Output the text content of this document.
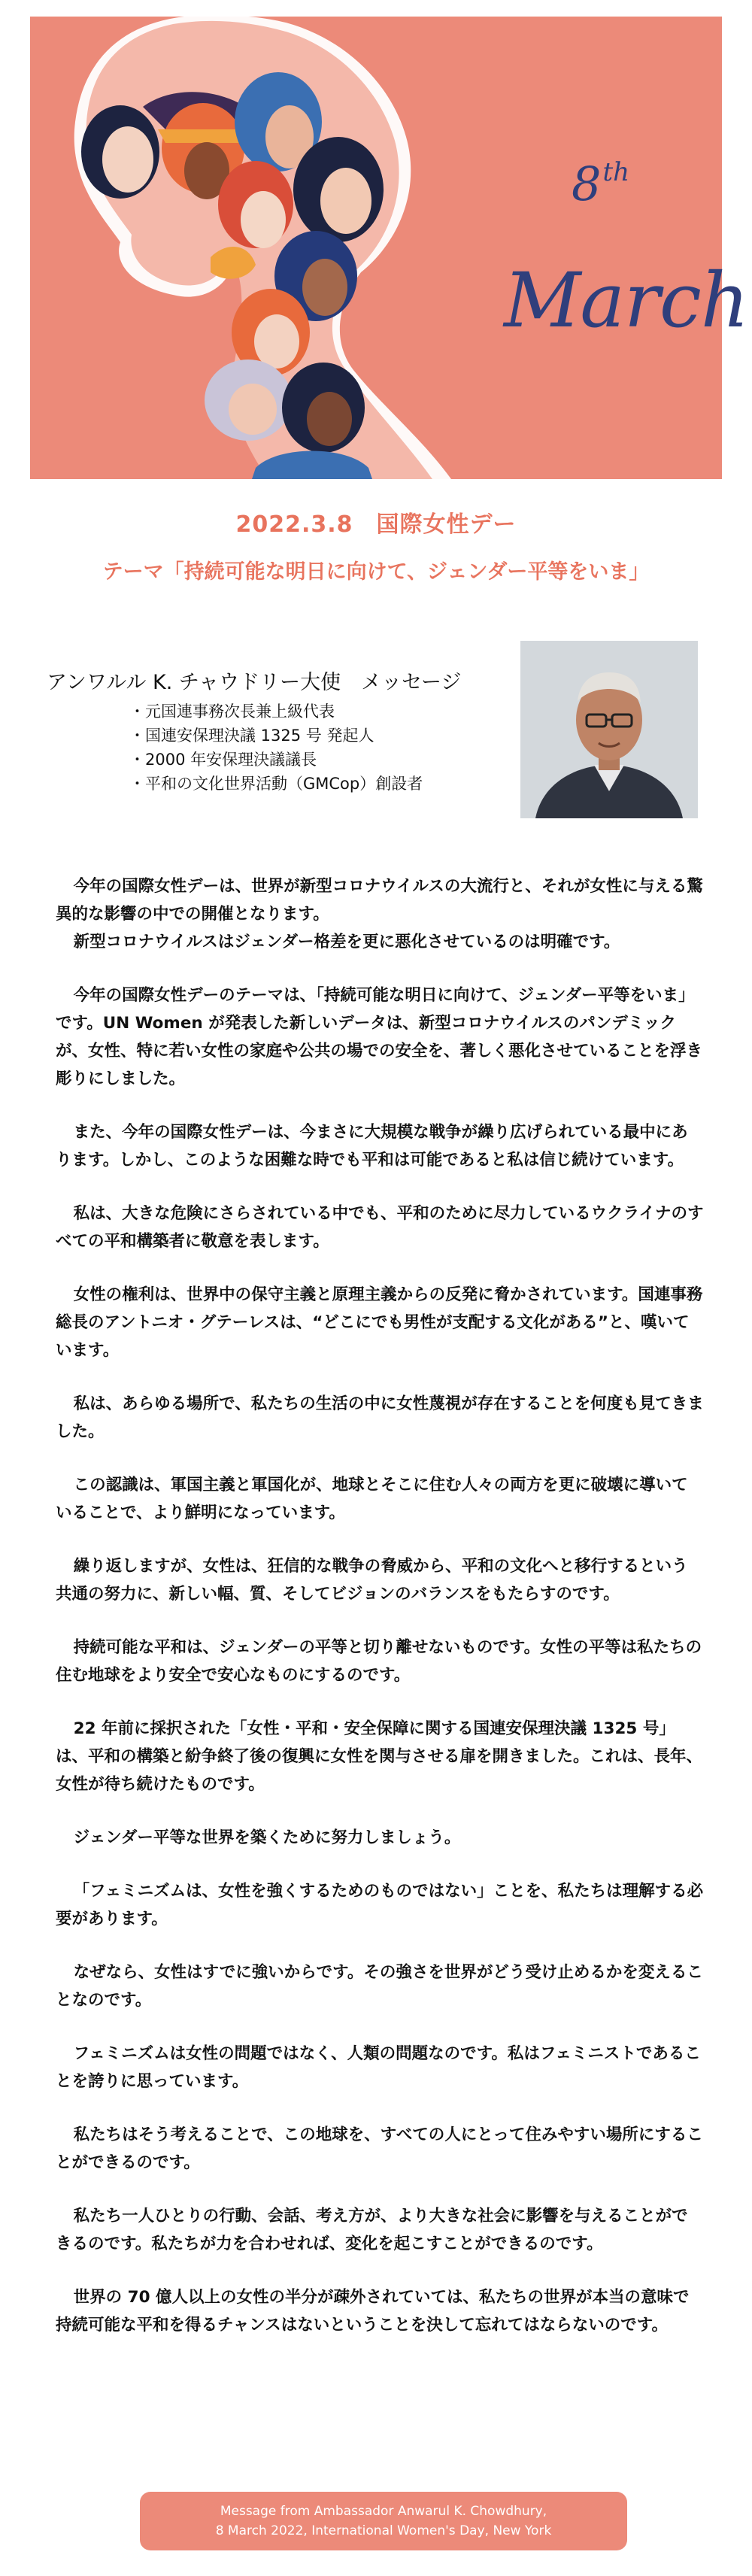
8th
March
2022.3.8　国際女性デー
テーマ「持続可能な明日に向けて、ジェンダー平等をいま」
アンワルル K. チャウドリー大使　メッセージ
・ 元国連事務次長兼上級代表
・ 国連安保理決議 1325 号 発起人
・ 2000 年安保理決議議長
・ 平和の文化世界活動（GMCop）創設者

今年の国際女性デーは、世界が新型コロナウイルスの大流行と、それが女性に与える驚異的な影響の中での開催となります。

新型コロナウイルスはジェンダー格差を更に悪化させているのは明確です。

今年の国際女性デーのテーマは、「持続可能な明日に向けて、ジェンダー平等をいま」です。UN Women が発表した新しいデータは、新型コロナウイルスのパンデミックが、女性、特に若い女性の家庭や公共の場での安全を、著しく悪化させていることを浮き彫りにしました。

また、今年の国際女性デーは、今まさに大規模な戦争が繰り広げられている最中にあります。しかし、このような困難な時でも平和は可能であると私は信じ続けています。

私は、大きな危険にさらされている中でも、平和のために尽力しているウクライナのすべての平和構築者に敬意を表します。

女性の権利は、世界中の保守主義と原理主義からの反発に脅かされています。国連事務総長のアントニオ・グテーレスは、“どこにでも男性が支配する文化がある”と、嘆いています。

私は、あらゆる場所で、私たちの生活の中に女性蔑視が存在することを何度も見てきました。

この認識は、軍国主義と軍国化が、地球とそこに住む人々の両方を更に破壊に導いていることで、より鮮明になっています。

繰り返しますが、女性は、狂信的な戦争の脅威から、平和の文化へと移行するという共通の努力に、新しい幅、質、そしてビジョンのバランスをもたらすのです。

持続可能な平和は、ジェンダーの平等と切り離せないものです。女性の平等は私たちの住む地球をより安全で安心なものにするのです。

22 年前に採択された「女性・平和・安全保障に関する国連安保理決議 1325 号」は、平和の構築と紛争終了後の復興に女性を関与させる扉を開きました。これは、長年、女性が待ち続けたものです。

ジェンダー平等な世界を築くために努力しましょう。

「フェミニズムは、女性を強くするためのものではない」ことを、私たちは理解する必要があります。

なぜなら、女性はすでに強いからです。その強さを世界がどう受け止めるかを変えることなのです。

フェミニズムは女性の問題ではなく、人類の問題なのです。私はフェミニストであることを誇りに思っています。

私たちはそう考えることで、この地球を、すべての人にとって住みやすい場所にすることができるのです。

私たち一人ひとりの行動、会話、考え方が、より大きな社会に影響を与えることができるのです。私たちが力を合わせれば、変化を起こすことができるのです。

世界の 70 億人以上の女性の半分が疎外されていては、私たちの世界が本当の意味で持続可能な平和を得るチャンスはないということを決して忘れてはならないのです。

Message from Ambassador Anwarul K. Chowdhury,
8 March 2022, International Women's Day, New York
